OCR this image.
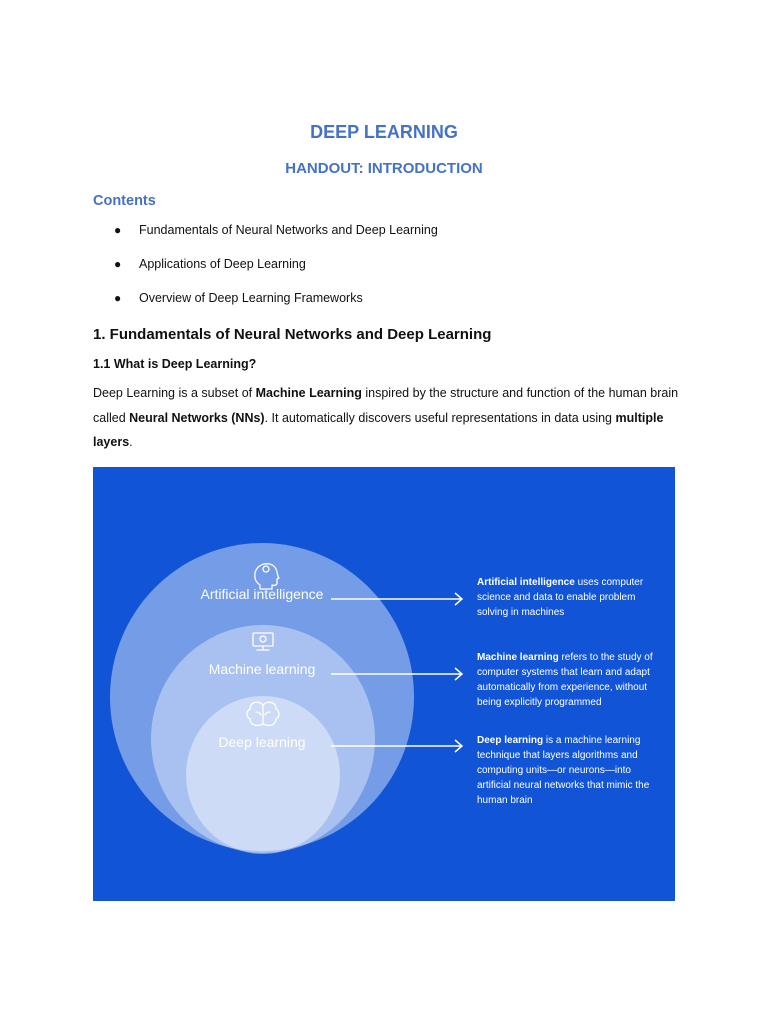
DEEP LEARNING
HANDOUT: INTRODUCTION
Contents
● Fundamentals of Neural Networks and Deep Learning
● Applications of Deep Learning
● Overview of Deep Learning Frameworks
1. Fundamentals of Neural Networks and Deep Learning
1.1 What is Deep Learning?
Deep Learning is a subset of Machine Learning inspired by the structure and function of the human brain called Neural Networks (NNs). It automatically discovers useful representations in data using multiple layers.
Artificial intelligence
Machine learning
Deep learning
Artificial intelligence uses computer
science and data to enable problem
solving in machines
Machine learning refers to the study of
computer systems that learn and adapt
automatically from experience, without
being explicitly programmed
Deep learning is a machine learning
technique that layers algorithms and
computing units—or neurons—into
artificial neural networks that mimic the
human brain
